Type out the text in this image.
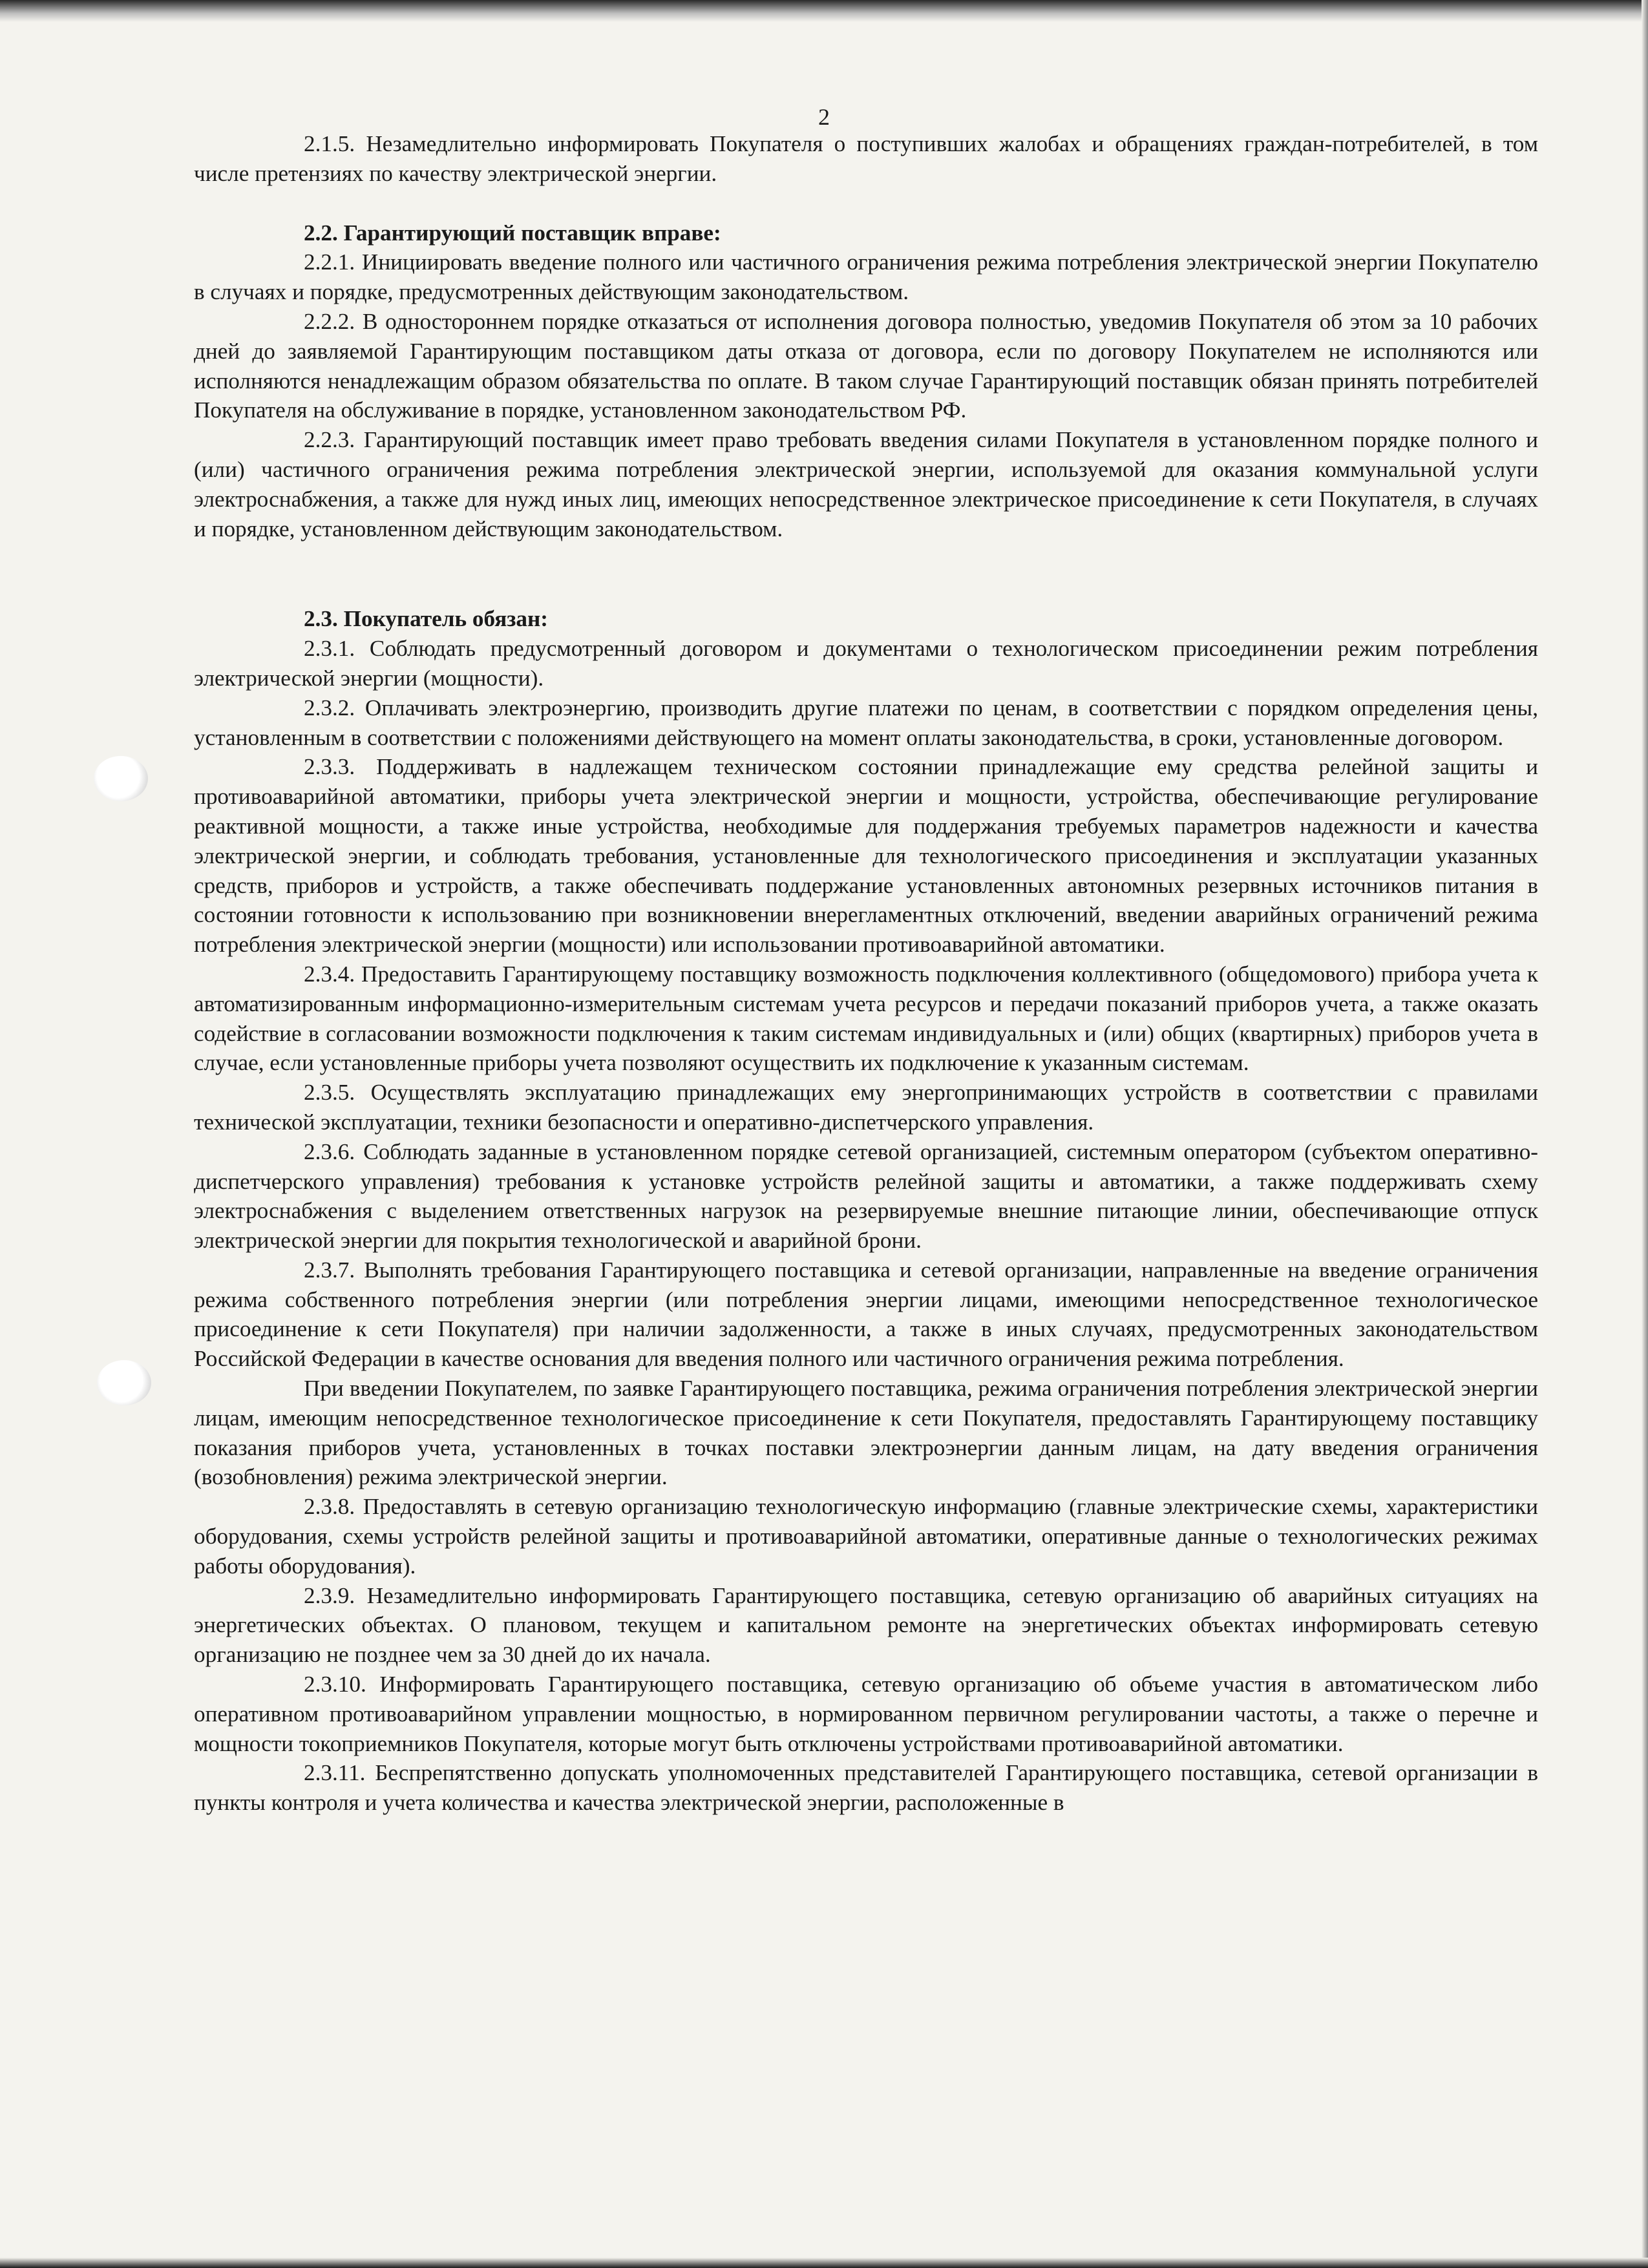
2

2.1.5. Незамедлительно информировать Покупателя о поступивших жалобах и обращениях граждан-потребителей, в том числе претензиях по качеству электрической энергии.

2.2. Гарантирующий поставщик вправе:

2.2.1. Инициировать введение полного или частичного ограничения режима потребления электрической энергии Покупателю в случаях и порядке, предусмотренных действующим законодательством.

2.2.2. В одностороннем порядке отказаться от исполнения договора полностью, уведомив Покупателя об этом за 10 рабочих дней до заявляемой Гарантирующим поставщиком даты отказа от договора, если по договору Покупателем не исполняются или исполняются ненадлежащим образом обязательства по оплате. В таком случае Гарантирующий поставщик обязан принять потребителей Покупателя на обслуживание в порядке, установленном законодательством РФ.

2.2.3. Гарантирующий поставщик имеет право требовать введения силами Покупателя в установленном порядке полного и (или) частичного ограничения режима потребления электрической энергии, используемой для оказания коммунальной услуги электроснабжения, а также для нужд иных лиц, имеющих непосредственное электрическое присоединение к сети Покупателя, в случаях и порядке, установленном действующим законодательством.

2.3. Покупатель обязан:

2.3.1. Соблюдать предусмотренный договором и документами о технологическом присоединении режим потребления электрической энергии (мощности).

2.3.2. Оплачивать электроэнергию, производить другие платежи по ценам, в соответствии с порядком определения цены, установленным в соответствии с положениями действующего на момент оплаты законодательства, в сроки, установленные договором.

2.3.3. Поддерживать в надлежащем техническом состоянии принадлежащие ему средства релейной защиты и противоаварийной автоматики, приборы учета электрической энергии и мощности, устройства, обеспечивающие регулирование реактивной мощности, а также иные устройства, необходимые для поддержания требуемых параметров надежности и качества электрической энергии, и соблюдать требования, установленные для технологического присоединения и эксплуатации указанных средств, приборов и устройств, а также обеспечивать поддержание установленных автономных резервных источников питания в состоянии готовности к использованию при возникновении внерегламентных отключений, введении аварийных ограничений режима потребления электрической энергии (мощности) или использовании противоаварийной автоматики.

2.3.4. Предоставить Гарантирующему поставщику возможность подключения коллективного (общедомового) прибора учета к автоматизированным информационно-измерительным системам учета ресурсов и передачи показаний приборов учета, а также оказать содействие в согласовании возможности подключения к таким системам индивидуальных и (или) общих (квартирных) приборов учета в случае, если установленные приборы учета позволяют осуществить их подключение к указанным системам.

2.3.5. Осуществлять эксплуатацию принадлежащих ему энергопринимающих устройств в соответствии с правилами технической эксплуатации, техники безопасности и оперативно-диспетчерского управления.

2.3.6. Соблюдать заданные в установленном порядке сетевой организацией, системным оператором (субъектом оперативно-диспетчерского управления) требования к установке устройств релейной защиты и автоматики, а также поддерживать схему электроснабжения с выделением ответственных нагрузок на резервируемые внешние питающие линии, обеспечивающие отпуск электрической энергии для покрытия технологической и аварийной брони.

2.3.7. Выполнять требования Гарантирующего поставщика и сетевой организации, направленные на введение ограничения режима собственного потребления энергии (или потребления энергии лицами, имеющими непосредственное технологическое присоединение к сети Покупателя) при наличии задолженности, а также в иных случаях, предусмотренных законодательством Российской Федерации в качестве основания для введения полного или частичного ограничения режима потребления.

При введении Покупателем, по заявке Гарантирующего поставщика, режима ограничения потребления электрической энергии лицам, имеющим непосредственное технологическое присоединение к сети Покупателя, предоставлять Гарантирующему поставщику показания приборов учета, установленных в точках поставки электроэнергии данным лицам, на дату введения ограничения (возобновления) режима электрической энергии.

2.3.8. Предоставлять в сетевую организацию технологическую информацию (главные электрические схемы, характеристики оборудования, схемы устройств релейной защиты и противоаварийной автоматики, оперативные данные о технологических режимах работы оборудования).

2.3.9. Незамедлительно информировать Гарантирующего поставщика, сетевую организацию об аварийных ситуациях на энергетических объектах. О плановом, текущем и капитальном ремонте на энергетических объектах информировать сетевую организацию не позднее чем за 30 дней до их начала.

2.3.10. Информировать Гарантирующего поставщика, сетевую организацию об объеме участия в автоматическом либо оперативном противоаварийном управлении мощностью, в нормированном первичном регулировании частоты, а также о перечне и мощности токоприемников Покупателя, которые могут быть отключены устройствами противоаварийной автоматики.

2.3.11. Беспрепятственно допускать уполномоченных представителей Гарантирующего поставщика, сетевой организации в пункты контроля и учета количества и качества электрической энергии, расположенные в
